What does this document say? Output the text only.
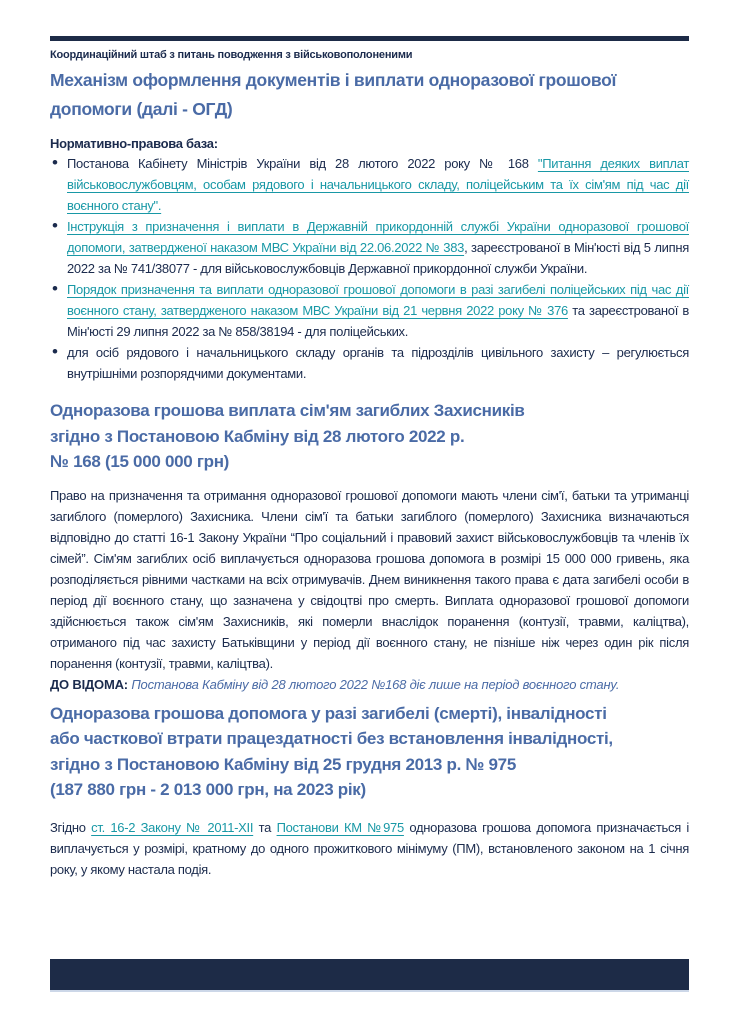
Координаційний штаб з питань поводження з військовополоненими
Механізм оформлення документів і виплати одноразової грошової допомоги (далі - ОГД)
Нормативно-правова база:
• Постанова Кабінету Міністрів України від 28 лютого 2022 року № 168 "Питання деяких виплат військовослужбовцям, особам рядового і начальницького складу, поліцейським та їх сім'ям під час дії воєнного стану".
• Інструкція з призначення і виплати в Державній прикордонній службі України одноразової грошової допомоги, затвердженої наказом МВС України від 22.06.2022 № 383, зареєстрованої в Мін'юсті від 5 липня 2022 за № 741/38077 - для військовослужбовців Державної прикордонної служби України.
• Порядок призначення та виплати одноразової грошової допомоги в разі загибелі поліцейських під час дії воєнного стану, затвердженого наказом МВС України від 21 червня 2022 року № 376 та зареєстрованої в Мін'юсті 29 липня 2022 за № 858/38194 - для поліцейських.
• для осіб рядового і начальницького складу органів та підрозділів цивільного захисту – регулюється внутрішніми розпорядчими документами.
Одноразова грошова виплата сім'ям загиблих Захисників
згідно з Постановою Кабміну від 28 лютого 2022 р.
№ 168 (15 000 000 грн)

Право на призначення та отримання одноразової грошової допомоги мають члени сім'ї, батьки та утриманці загиблого (померлого) Захисника. Члени сім'ї та батьки загиблого (померлого) Захисника визначаються відповідно до статті 16-1 Закону України “Про соціальний і правовий захист військовослужбовців та членів їх сімей”. Сім'ям загиблих осіб виплачується одноразова грошова допомога в розмірі 15 000 000 гривень, яка розподіляється рівними частками на всіх отримувачів. Днем виникнення такого права є дата загибелі особи в період дії воєнного стану, що зазначена у свідоцтві про смерть. Виплата одноразової грошової допомоги здійснюється також сім'ям Захисників, які померли внаслідок поранення (контузії, травми, каліцтва), отриманого під час захисту Батьківщини у період дії воєнного стану, не пізніше ніж через один рік після поранення (контузії, травми, каліцтва).

ДО ВІДОМА: Постанова Кабміну від 28 лютого 2022 №168 діє лише на період воєнного стану.

Одноразова грошова допомога у разі загибелі (смерті), інвалідності
або часткової втрати працездатності без встановлення інвалідності,
згідно з Постановою Кабміну від 25 грудня 2013 р. № 975
(187 880 грн - 2 013 000 грн, на 2023 рік)

Згідно ст. 16-2 Закону № 2011-XII та Постанови КМ №975 одноразова грошова допомога призначається і виплачується у розмірі, кратному до одного прожиткового мінімуму (ПМ), встановленого законом на 1 січня року, у якому настала подія.
